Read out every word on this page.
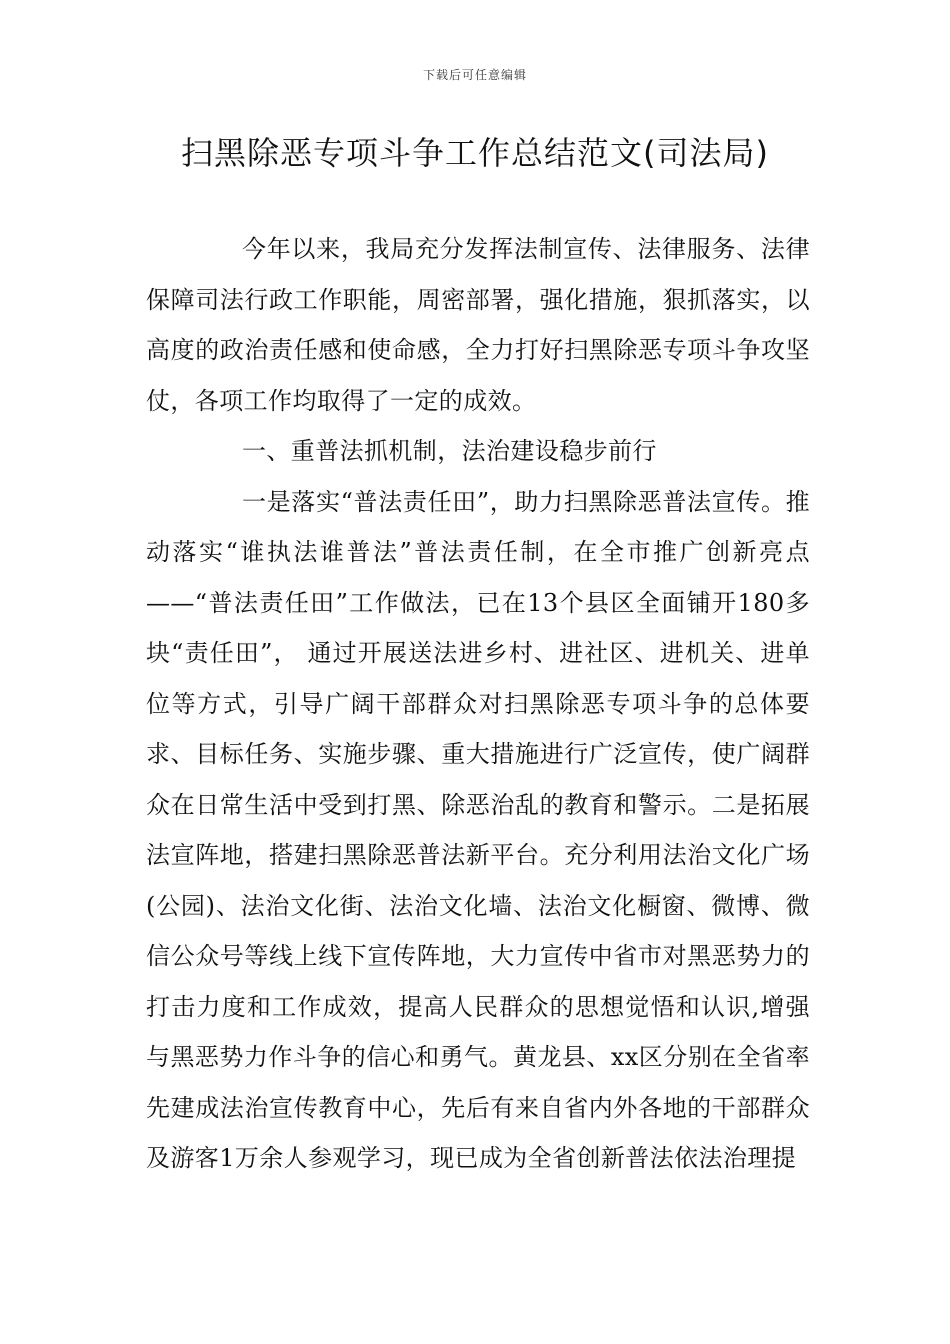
下载后可任意编辑
扫黑除恶专项斗争工作总结范文(司法局)

今年以来，我局充分发挥法制宣传、法律服务、法律保障司法行政工作职能，周密部署，强化措施，狠抓落实，以高度的政治责任感和使命感，全力打好扫黑除恶专项斗争攻坚仗，各项工作均取得了一定的成效。

一、重普法抓机制，法治建设稳步前行

一是落实“普法责任田”，助力扫黑除恶普法宣传。推动落实“谁执法谁普法”普法责任制，在全市推广创新亮点——“普法责任田”工作做法，已在13个县区全面铺开180多块“责任田”， 通过开展送法进乡村、进社区、进机关、进单位等方式，引导广阔干部群众对扫黑除恶专项斗争的总体要求、目标任务、实施步骤、重大措施进行广泛宣传，使广阔群众在日常生活中受到打黑、除恶治乱的教育和警示。二是拓展法宣阵地，搭建扫黑除恶普法新平台。充分利用法治文化广场(公园)、法治文化街、法治文化墙、法治文化橱窗、微博、微信公众号等线上线下宣传阵地，大力宣传中省市对黑恶势力的打击力度和工作成效，提高人民群众的思想觉悟和认识,增强与黑恶势力作斗争的信心和勇气。黄龙县、xx区分别在全省率先建成法治宣传教育中心，先后有来自省内外各地的干部群众及游客1万余人参观学习，现已成为全省创新普法依法治理提
